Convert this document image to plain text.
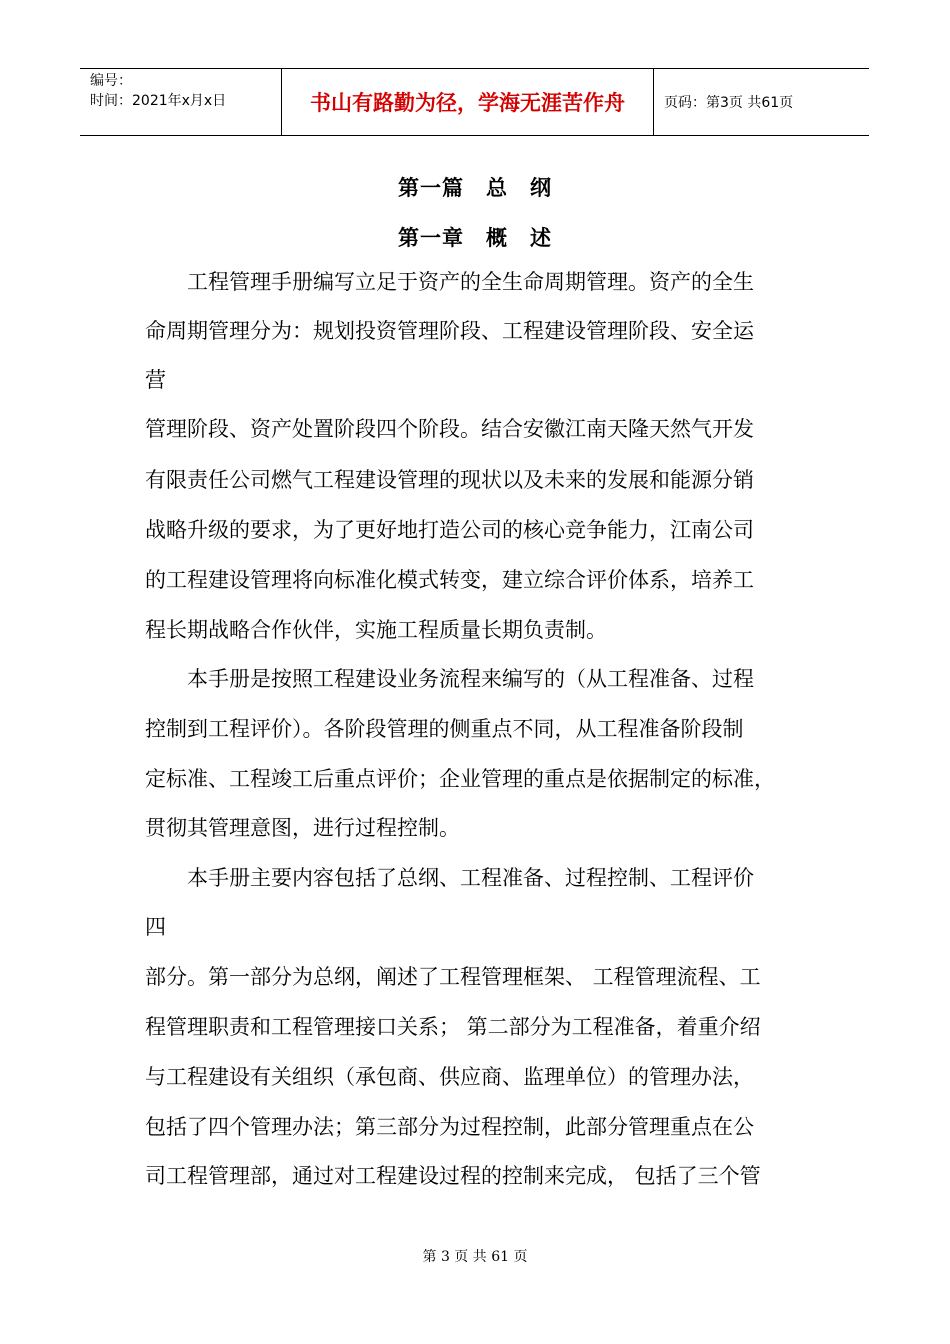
编号：
时间：2021年x月x日	书山有路勤为径，学海无涯苦作舟	页码：第3页 共61页
第一篇　总　纲
第一章　概　述
　　工程管理手册编写立足于资产的全生命周期管理。资产的全生
命周期管理分为：规划投资管理阶段、工程建设管理阶段、安全运
营
管理阶段、资产处置阶段四个阶段。结合安徽江南天隆天然气开发
有限责任公司燃气工程建设管理的现状以及未来的发展和能源分销
战略升级的要求，为了更好地打造公司的核心竞争能力，江南公司
的工程建设管理将向标准化模式转变，建立综合评价体系，培养工
程长期战略合作伙伴，实施工程质量长期负责制。
　　本手册是按照工程建设业务流程来编写的（从工程准备、过程
控制到工程评价）。各阶段管理的侧重点不同，从工程准备阶段制
定标准、工程竣工后重点评价；企业管理的重点是依据制定的标准，
贯彻其管理意图，进行过程控制。
　　本手册主要内容包括了总纲、工程准备、过程控制、工程评价
四
部分。第一部分为总纲，阐述了工程管理框架、 工程管理流程、工
程管理职责和工程管理接口关系； 第二部分为工程准备，着重介绍
与工程建设有关组织（承包商、供应商、监理单位）的管理办法，
包括了四个管理办法；第三部分为过程控制，此部分管理重点在公
司工程管理部，通过对工程建设过程的控制来完成， 包括了三个管
第 3 页 共 61 页
